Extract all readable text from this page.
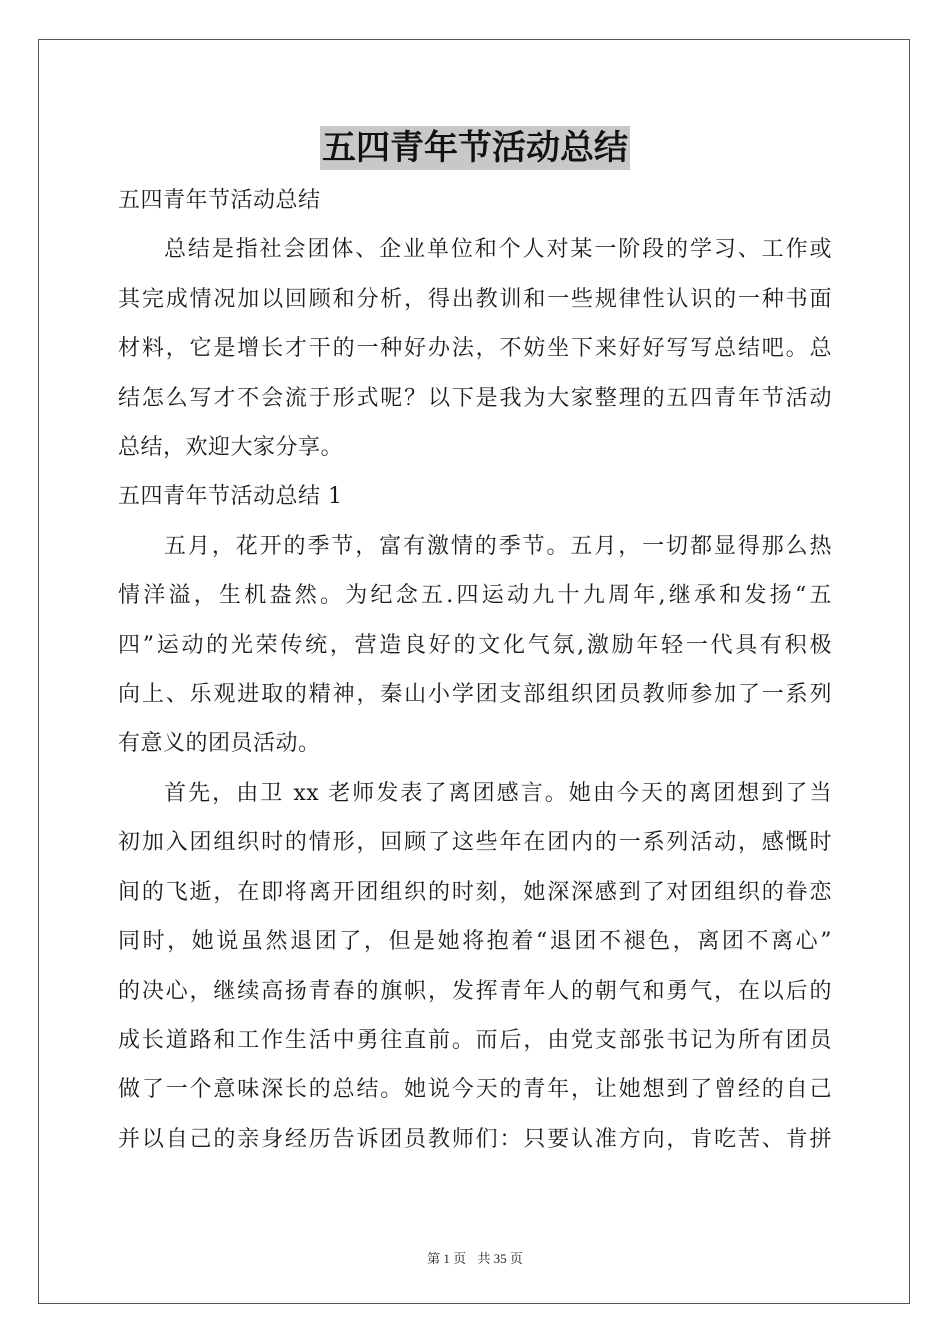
五四青年节活动总结
五四青年节活动总结
总结是指社会团体、企业单位和个人对某一阶段的学习、工作或
其完成情况加以回顾和分析，得出教训和一些规律性认识的一种书面
材料，它是增长才干的一种好办法，不妨坐下来好好写写总结吧。总
结怎么写才不会流于形式呢？以下是我为大家整理的五四青年节活动
总结，欢迎大家分享。
五四青年节活动总结 1
五月，花开的季节，富有激情的季节。五月，一切都显得那么热
情洋溢，生机盎然。为纪念五.四运动九十九周年,继承和发扬“五
四”运动的光荣传统，营造良好的文化气氛,激励年轻一代具有积极
向上、乐观进取的精神，秦山小学团支部组织团员教师参加了一系列
有意义的团员活动。
首先，由卫 xx 老师发表了离团感言。她由今天的离团想到了当
初加入团组织时的情形，回顾了这些年在团内的一系列活动，感慨时
间的飞逝，在即将离开团组织的时刻，她深深感到了对团组织的眷恋
同时，她说虽然退团了，但是她将抱着“退团不褪色，离团不离心”
的决心，继续高扬青春的旗帜，发挥青年人的朝气和勇气，在以后的
成长道路和工作生活中勇往直前。而后，由党支部张书记为所有团员
做了一个意味深长的总结。她说今天的青年，让她想到了曾经的自己
并以自己的亲身经历告诉团员教师们：只要认准方向，肯吃苦、肯拼
第 1 页 共 35 页
